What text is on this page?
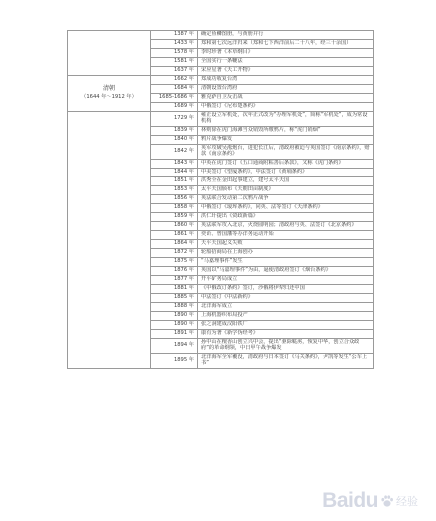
	1387 年	确定鱼鳞图册，与黄册并行
	1433 年	郑和第七次远洋归来（郑和七下西洋前后二十八年，经三十余国）
	1578 年	李时珍著《本草纲目》
	1581 年	全国实行一条鞭法
	1637 年	宋应星著《天工开物》

清朝
（1644 年～1912 年）	1662 年	郑成功收复台湾
	1684 年	清朝设置台湾府
	1685-1686 年	雅克萨自卫反击战
	1689 年	中俄签订《尼布楚条约》
	1729 年	雍正设立军机处，次年正式改为“办理军机处”，简称“军机处”，成为常设机构
	1839 年	林则徐在虎门海滩当众销毁所缴鸦片，称“虎门销烟”
	1840 年	鸦片战争爆发
	1842 年	英军攻破吴淞炮台，进犯长江后，清政府被迫与英国签订《南京条约》，赔款《南京条约》
	1843 年	中英在虎门签订《五口通商附粘善后条款》，又称《虎门条约》
	1844 年	中美签订《望厦条约》，中法签订《黄埔条约》
	1851 年	洪秀全在金田起事建立，建号太平天国
	1853 年	太平天国颁布《天朝田亩制度》
	1856 年	英法联合发动第二次鸦片战争
	1858 年	中俄签订《瑷珲条约》，同英、法等签订《天津条约》
	1859 年	洪仁玕提出《资政新篇》
	1860 年	英法联军攻入北京，火烧圆明园；清政府与英、法签订《北京条约》
	1861 年	奕䜣、曾国藩等办洋务运动开始
	1864 年	天平天国起义失败
	1872 年	轮船招商局在上海创办
	1875 年	“马嘉理事件”发生
	1876 年	英国以“马嘉理事件”为由，逼使清政府签订《烟台条约》
	1877 年	开平矿务局成立
	1881 年	《中俄改订条约》签订，沙俄将伊犁归还中国
	1885 年	中法签订《中法新约》
	1888 年	北洋海军成立
	1890 年	上海机器织布局投产
	1890 年	张之洞建成汉阳铁厂
	1891 年	康有为著《新学伪经考》
	1894 年	孙中山在檀香山创立兴中会，提出“驱除鞑虏，恢复中华，创立合众政府”的革命纲领，中日甲午战争爆发
	1895 年	北洋海军全军覆没，清政府与日本签订《马关条约》，尹凯等发生“公车上书”
Baidu 经验
